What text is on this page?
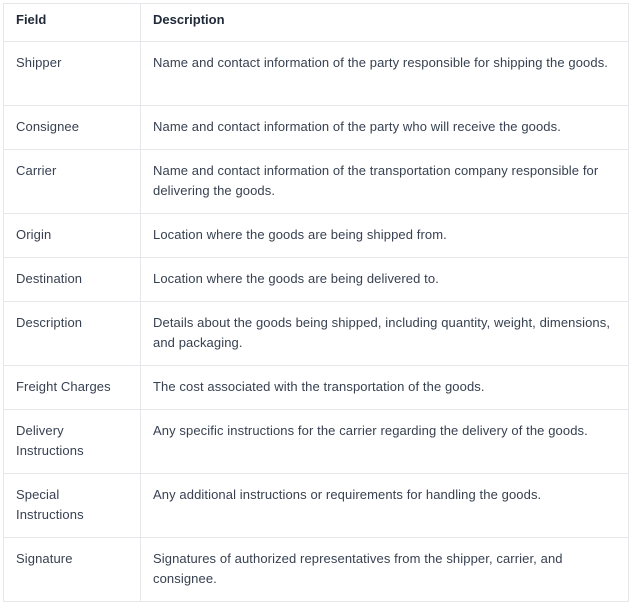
Field	Description
Shipper	Name and contact information of the party responsible for shipping the goods.
Consignee	Name and contact information of the party who will receive the goods.
Carrier	Name and contact information of the transportation company responsible for delivering the goods.
Origin	Location where the goods are being shipped from.
Destination	Location where the goods are being delivered to.
Description	Details about the goods being shipped, including quantity, weight, dimensions, and packaging.
Freight Charges	The cost associated with the transportation of the goods.
Delivery Instructions	Any specific instructions for the carrier regarding the delivery of the goods.
Special Instructions	Any additional instructions or requirements for handling the goods.
Signature	Signatures of authorized representatives from the shipper, carrier, and consignee.
